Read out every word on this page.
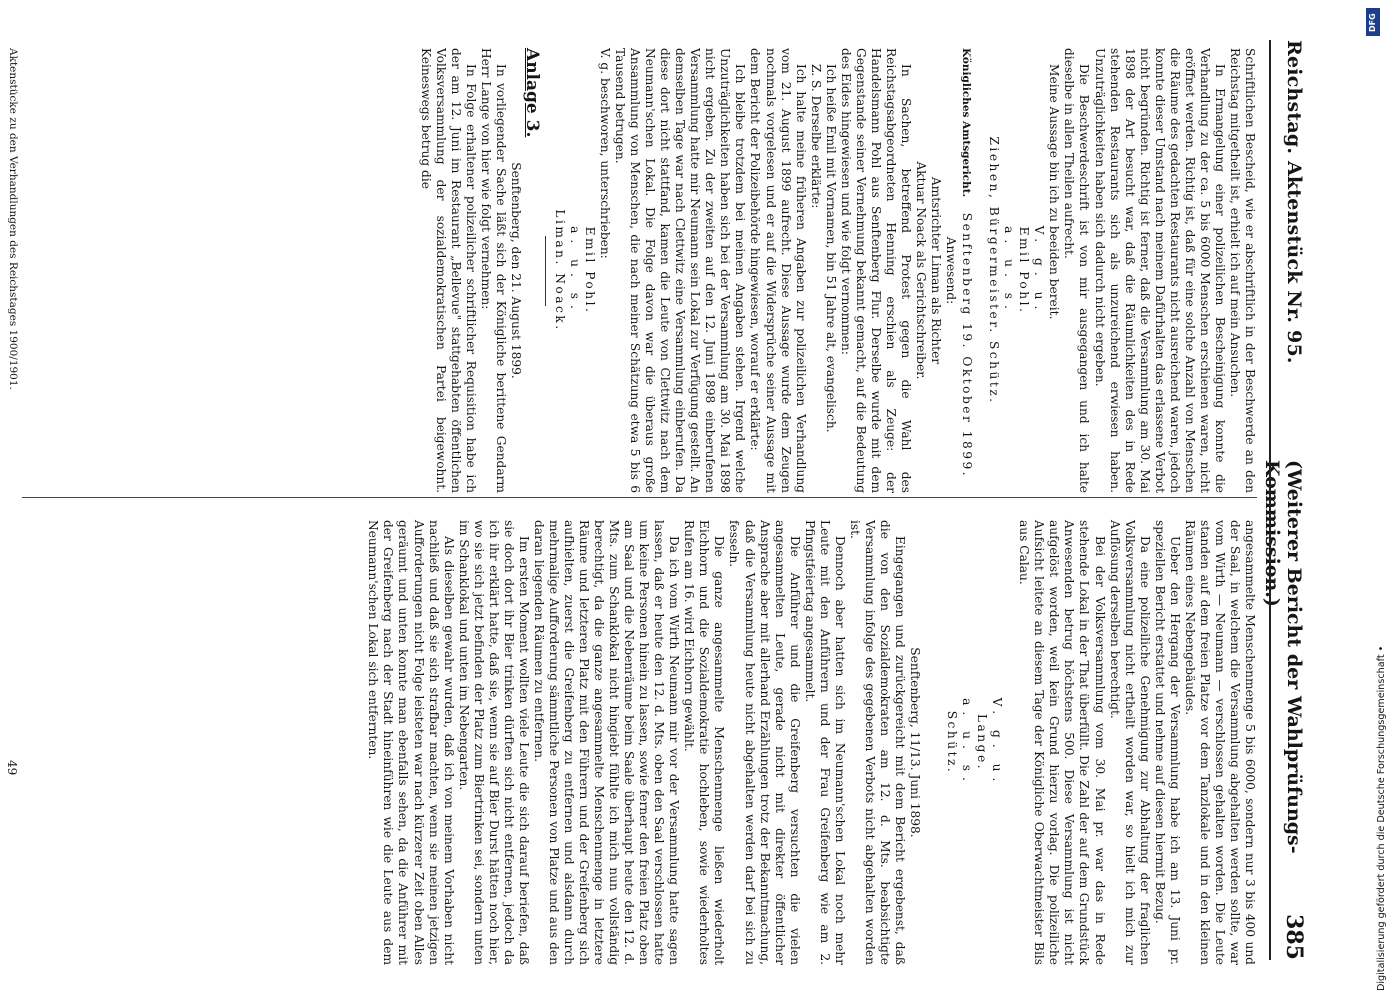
Reichstag. Aktenstück Nr. 95.
(Weiterer Bericht der Wahlprüfungs-Kommission.)
385

Schriftlichen Bescheid, wie er abschriftlich in der Beschwerde an den Reichstag mitgetheilt ist, erhielt ich auf mein Ansuchen.

In Ermangelung einer polizeilichen Bescheinigung konnte die Verhandlung zu der ca. 5 bis 6000 Menschen erschienen waren, nicht eröffnet werden. Richtig ist, daß für eine solche Anzahl von Menschen die Räume des gedachten Restaurants nicht ausreichend waren, jedoch konnte dieser Umstand nach meinem Dafürhalten das erlassene Verbot nicht begründen. Richtig ist ferner, daß die Versammlung am 30. Mai 1898 der Art besucht war, daß die Räumlichkeiten des in Rede stehenden Restaurants sich als unzureichend erwiesen haben. Unzuträglichkeiten haben sich dadurch nicht ergeben.

Die Beschwerdeschrift ist von mir ausgegangen und ich halte dieselbe in allen Theilen aufrecht.

Meine Aussage bin ich zu beeiden bereit.

V. g. u.

Emil Pohl.

a. u. s.

Ziehen, Bürgermeister. Schütz.

Königliches Amtsgericht.    Senftenberg 19. Oktober 1899.

Anwesend:

Amtsrichter Liman als Richter

Aktuar Noack als Gerichtschreiber.

In Sachen, betreffend Protest gegen die Wahl des Reichstagsabgeordneten Henning erschien als Zeuge: der Handelsmann Pohl aus Senftenberg Flur. Derselbe wurde mit dem Gegenstande seiner Vernehmung bekannt gemacht, auf die Bedeutung des Eides hingewiesen und wie folgt vernommen:

Ich heiße Emil mit Vornamen, bin 51 Jahre alt, evangelisch.

Z. S. Derselbe erklärte:

Ich halte meine früheren Angaben zur polizeilichen Verhandlung vom 21. August 1899 aufrecht. Diese Aussage wurde dem Zeugen nochmals vorgelesen und er auf die Widersprüche seiner Aussage mit dem Bericht der Polizeibehörde hingewiesen, worauf er erklärte:

Ich bleibe trotzdem bei meinen Angaben stehen. Irgend welche Unzuträglichkeiten haben sich bei der Versammlung am 30. Mai 1898 nicht ergeben. Zu der zweiten auf den 12. Juni 1898 einberufenen Versammlung hatte mir Neumann sein Lokal zur Verfügung gestellt. An demselben Tage war nach Clettwitz eine Versammlung einberufen. Da diese dort nicht stattfand, kamen die Leute von Clettwitz nach dem Neumann'schen Lokal. Die Folge davon war die überaus große Ansammlung von Menschen, die nach meiner Schätzung etwa 5 bis 6 Tausend betrugen.

V. g. beschworen, unterschrieben:

Emil Pohl.

a. u. s.

Liman. Noack.

Anlage 3.

Senftenberg, den 21. August 1899.

In vorliegender Sache läßt sich der Königliche berittene Gendarm Herr Lange von hier wie folgt vernehmen:

In Folge erhaltener polizeilicher schriftlicher Requisition habe ich der am 12. Juni im Restaurant „Bellevue" stattgehabten öffentlichen Volksversammlung der sozialdemokratischen Partei beigewohnt. Keineswegs betrug die

angesammelte Menschenmenge 5 bis 6000, sondern nur 3 bis 400 und der Saal, in welchem die Versammlung abgehalten werden sollte, war vom Wirth — Neumann — verschlossen gehalten worden. Die Leute standen auf dem freien Platze vor dem Tanzlokale und in den kleinen Räumen eines Nebengebäudes.

Ueber den Hergang der Versammlung habe ich am 13. Juni pr. speziellen Bericht erstattet und nehme auf diesen hiermit Bezug.

Da eine polizeiliche Genehmigung zur Abhaltung der fraglichen Volksversammlung nicht ertheilt worden war, so hielt ich mich zur Auflösung derselben berechtigt.

Bei der Volksversammlung vom 30. Mai pr. war das in Rede stehende Lokal in der That überfüllt. Die Zahl der auf dem Grundstück Anwesenden betrug höchstens 500. Diese Versammlung ist nicht aufgelöst worden, weil kein Grund hierzu vorlag. Die polizeiliche Aufsicht leitete an diesem Tage der Königliche Oberwachtmeister Bils aus Calau.

V. g. u.

Lange.

a. u. s.

Schütz.

Senftenberg, 11/13. Juni 1898.

Eingegangen und zurückgereicht mit dem Bericht ergebenst, daß die von den Sozialdemokraten am 12. d. Mts. beabsichtigte Versammlung infolge des gegebenen Verbots nicht abgehalten worden ist.

Dennoch aber hatten sich im Neumann'schen Lokal noch mehr Leute mit den Anführern und der Frau Greifenberg wie am 2. Pfingstfeiertag angesammelt.

Die Anführer und die Greifenberg versuchten die vielen angesammelten Leute, gerade nicht mit direkter öffentlicher Ansprache aber mit allerhand Erzählungen trotz der Bekanntmachung, daß die Versammlung heute nicht abgehalten werden darf bei sich zu fesseln.

Die ganze angesammelte Menschenmenge ließen wiederholt Eichhorn und die Sozialdemokratie hochleben, sowie wiederholtes Rufen am 16. wird Eichhorn gewählt.

Da ich vom Wirth Neumann mir vor der Versammlung hatte sagen lassen, daß er heute den 12. d. Mts. oben den Saal verschlossen hatte um keine Personen hinein zu lassen, sowie ferner den freien Platz oben am Saal und die Nebenräume beim Saale überhaupt heute den 12. d. Mts. zum Schanklokal nicht hingiebt fühlte ich mich nun vollständig berechtigt, da die ganze angesammelte Menschenmenge in letztere Räume und letzteren Platz mit den Führern und der Greifenberg sich aufhielten, zuerst die Greifenberg zu entfernen und alsdann durch mehrmalige Aufforderung sämmtliche Personen von Platze und aus den daran liegenden Räumen zu entfernen.

Im ersten Moment wollten viele Leute die sich darauf beriefen, daß sie doch dort ihr Bier trinken dürften sich nicht entfernen, jedoch da ich ihr erklärt hatte, daß sie, wenn sie auf Bier Durst hätten noch hier, wo sie sich jetzt befinden der Platz zum Biertrinken sei, sondern unten im Schanklokal und unten im Nebengarten.

Als dieselben gewahr wurden, daß ich von meinem Vorhaben nicht nachließ und daß sie sich strafbar machten, wenn sie meinen jetzigen Aufforderungen nicht Folge leisteten war nach kürzerer Zeit oben Alles geräumt und unten konnte man ebenfalls sehen, da die Anführer mit der Greifenberg nach der Stadt hineinführen wie die Leute aus dem Neumann'schen Lokal sich entfernten.

Aktenstücke zu den Verhandlungen des Reichstages 1900/1901.
49	Digitalisierung gefördert durch die Deutsche Forschungsgemeinschaft •
DFG
